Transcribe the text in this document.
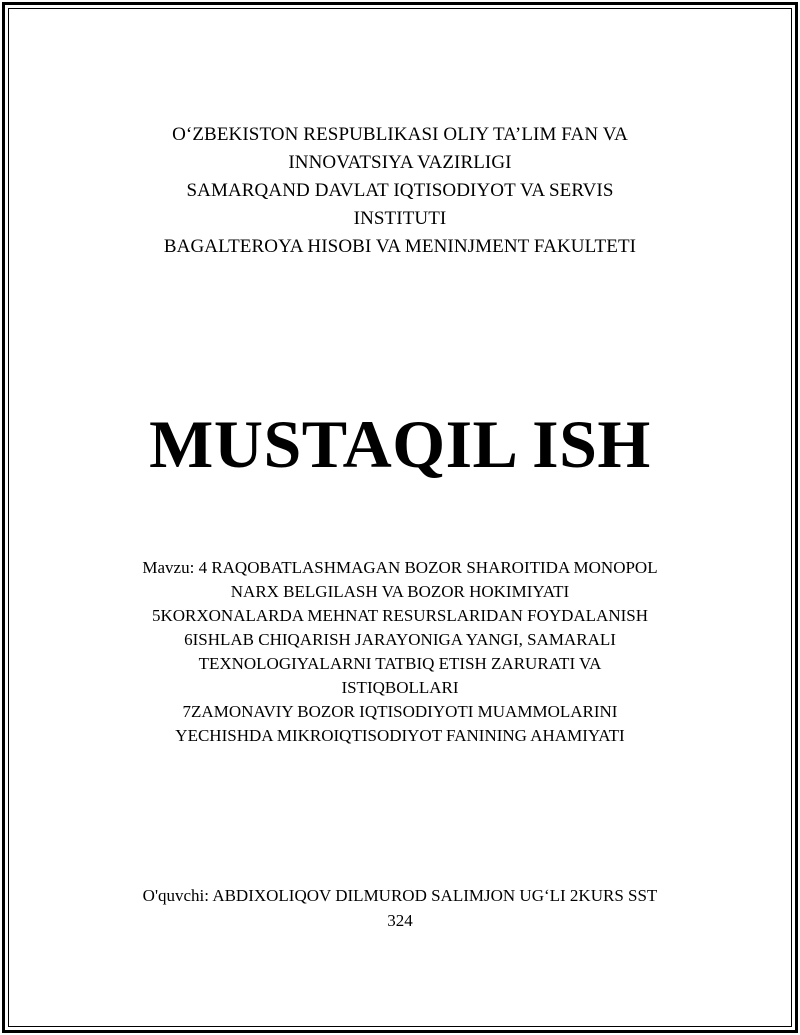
O‘ZBEKISTON RESPUBLIKASI OLIY TA’LIM FAN VA
INNOVATSIYA VAZIRLIGI
SAMARQAND DAVLAT IQTISODIYOT VA SERVIS
INSTITUTI
BAGALTEROYA HISOBI VA MENINJMENT FAKULTETI
MUSTAQIL ISH
Mavzu: 4 RAQOBATLASHMAGAN BOZOR SHAROITIDA MONOPOL
NARX BELGILASH VA BOZOR HOKIMIYATI
5KORXONALARDA MEHNAT RESURSLARIDAN FOYDALANISH
6ISHLAB CHIQARISH JARAYONIGA YANGI, SAMARALI
TEXNOLOGIYALARNI TATBIQ ETISH ZARURATI VA
ISTIQBOLLARI
7ZAMONAVIY BOZOR IQTISODIYOTI MUAMMOLARINI
YECHISHDA MIKROIQTISODIYOT FANINING AHAMIYATI
O'quvchi: ABDIXOLIQOV DILMUROD SALIMJON UG‘LI 2KURS SST
324
